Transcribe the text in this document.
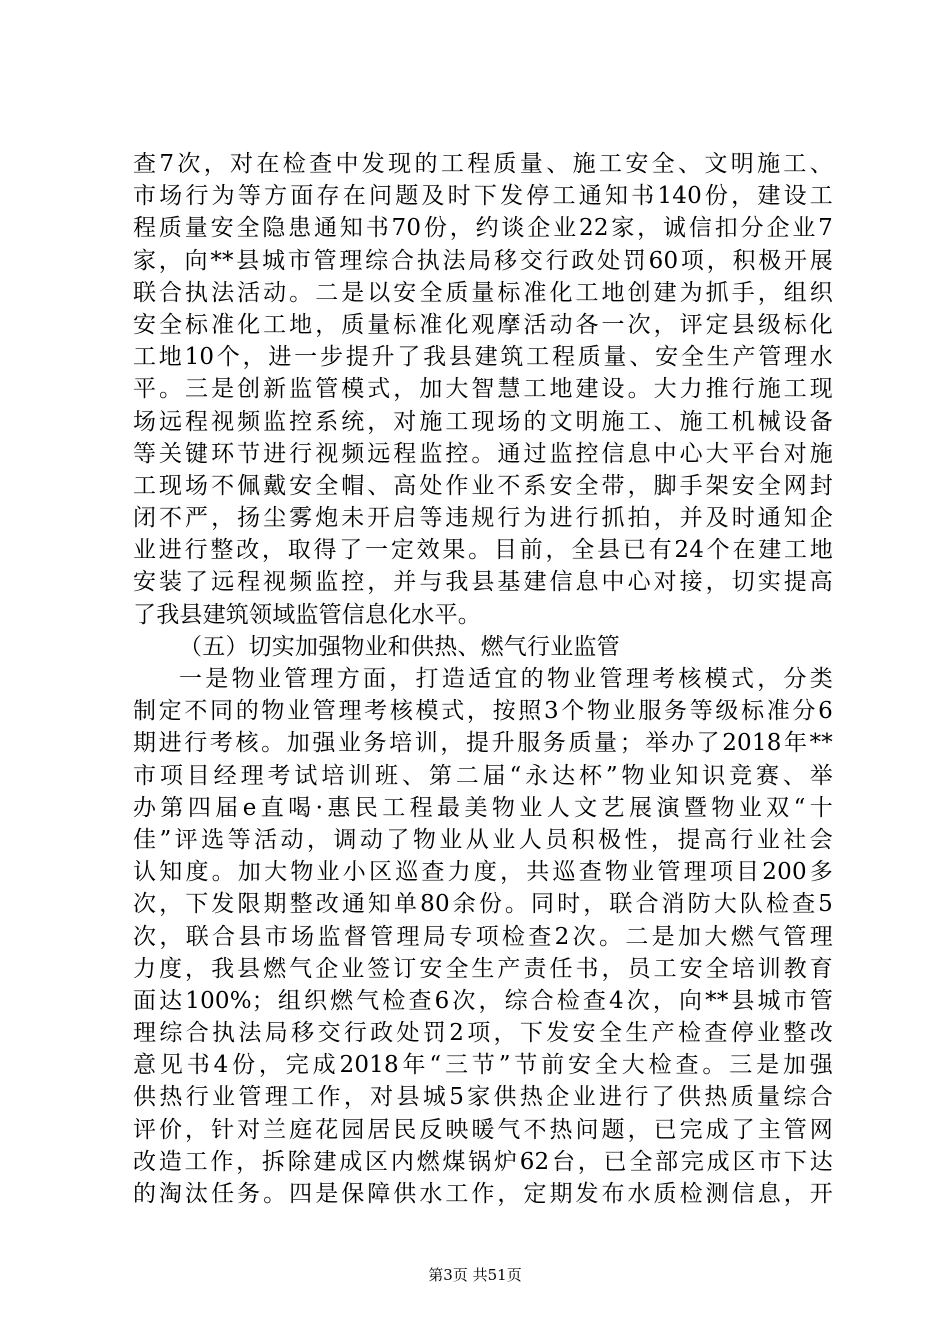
查7次，对在检查中发现的工程质量、施工安全、文明施工、
市场行为等方面存在问题及时下发停工通知书140份，建设工
程质量安全隐患通知书70份，约谈企业22家，诚信扣分企业7
家，向**县城市管理综合执法局移交行政处罚60项，积极开展
联合执法活动。二是以安全质量标准化工地创建为抓手，组织
安全标准化工地，质量标准化观摩活动各一次，评定县级标化
工地10个，进一步提升了我县建筑工程质量、安全生产管理水
平。三是创新监管模式，加大智慧工地建设。大力推行施工现
场远程视频监控系统，对施工现场的文明施工、施工机械设备
等关键环节进行视频远程监控。通过监控信息中心大平台对施
工现场不佩戴安全帽、高处作业不系安全带，脚手架安全网封
闭不严，扬尘雾炮未开启等违规行为进行抓拍，并及时通知企
业进行整改，取得了一定效果。目前，全县已有24个在建工地
安装了远程视频监控，并与我县基建信息中心对接，切实提高
了我县建筑领域监管信息化水平。
（五）切实加强物业和供热、燃气行业监管
一是物业管理方面，打造适宜的物业管理考核模式，分类
制定不同的物业管理考核模式，按照3个物业服务等级标准分6
期进行考核。加强业务培训，提升服务质量；举办了2018年**
市项目经理考试培训班、第二届“永达杯”物业知识竞赛、举
办第四届e直喝·惠民工程最美物业人文艺展演暨物业双“十
佳”评选等活动，调动了物业从业人员积极性，提高行业社会
认知度。加大物业小区巡查力度，共巡查物业管理项目200多
次，下发限期整改通知单80余份。同时，联合消防大队检查5
次，联合县市场监督管理局专项检查2次。二是加大燃气管理
力度，我县燃气企业签订安全生产责任书，员工安全培训教育
面达100%；组织燃气检查6次，综合检查4次，向**县城市管
理综合执法局移交行政处罚2项，下发安全生产检查停业整改
意见书4份，完成2018年“三节”节前安全大检查。三是加强
供热行业管理工作，对县城5家供热企业进行了供热质量综合
评价，针对兰庭花园居民反映暖气不热问题，已完成了主管网
改造工作，拆除建成区内燃煤锅炉62台，已全部完成区市下达
的淘汰任务。四是保障供水工作，定期发布水质检测信息，开
第3页 共51页
